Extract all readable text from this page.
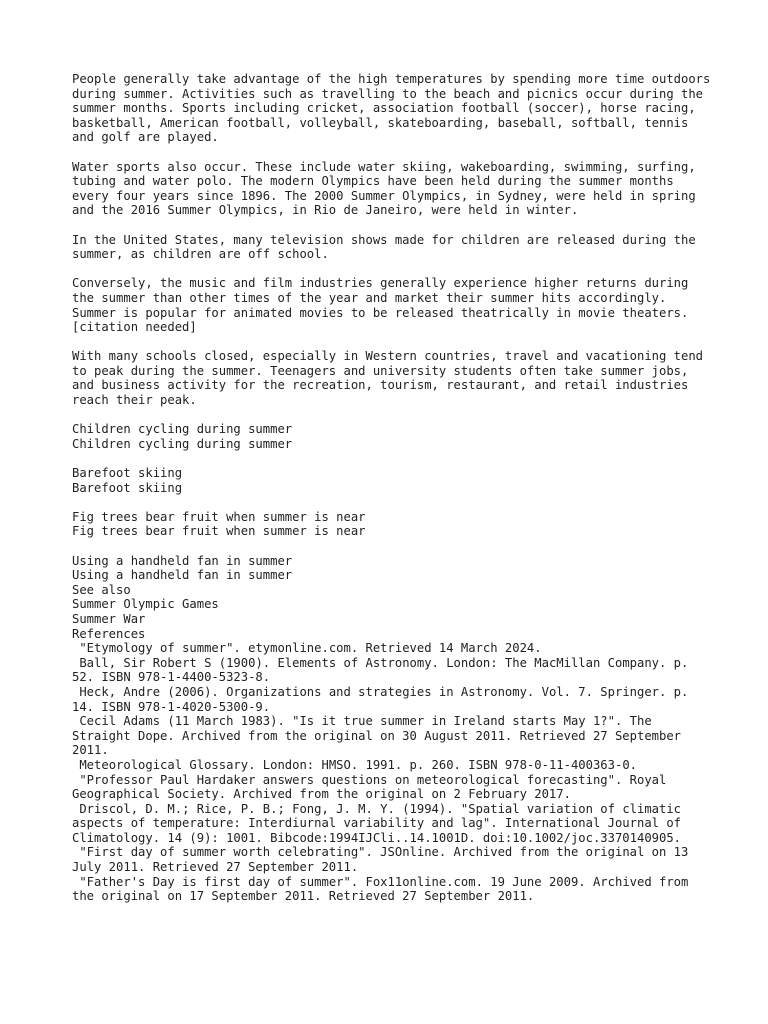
People generally take advantage of the high temperatures by spending more time outdoors during summer. Activities such as travelling to the beach and picnics occur during the summer months. Sports including cricket, association football (soccer), horse racing, basketball, American football, volleyball, skateboarding, baseball, softball, tennis and golf are played.

Water sports also occur. These include water skiing, wakeboarding, swimming, surfing, tubing and water polo. The modern Olympics have been held during the summer months every four years since 1896. The 2000 Summer Olympics, in Sydney, were held in spring and the 2016 Summer Olympics, in Rio de Janeiro, were held in winter.

In the United States, many television shows made for children are released during the summer, as children are off school.

Conversely, the music and film industries generally experience higher returns during the summer than other times of the year and market their summer hits accordingly. Summer is popular for animated movies to be released theatrically in movie theaters.[citation needed]

With many schools closed, especially in Western countries, travel and vacationing tend to peak during the summer. Teenagers and university students often take summer jobs, and business activity for the recreation, tourism, restaurant, and retail industries reach their peak.

Children cycling during summer
Children cycling during summer
Barefoot skiing
Barefoot skiing
Fig trees bear fruit when summer is near
Fig trees bear fruit when summer is near
Using a handheld fan in summer
Using a handheld fan in summer
See also
Summer Olympic Games
Summer War
References
"Etymology of summer". etymonline.com. Retrieved 14 March 2024.
Ball, Sir Robert S (1900). Elements of Astronomy. London: The MacMillan Company. p. 52. ISBN 978-1-4400-5323-8.
Heck, Andre (2006). Organizations and strategies in Astronomy. Vol. 7. Springer. p. 14. ISBN 978-1-4020-5300-9.
Cecil Adams (11 March 1983). "Is it true summer in Ireland starts May 1?". The Straight Dope. Archived from the original on 30 August 2011. Retrieved 27 September 2011.
Meteorological Glossary. London: HMSO. 1991. p. 260. ISBN 978-0-11-400363-0.
"Professor Paul Hardaker answers questions on meteorological forecasting". Royal Geographical Society. Archived from the original on 2 February 2017.
Driscol, D. M.; Rice, P. B.; Fong, J. M. Y. (1994). "Spatial variation of climatic aspects of temperature: Interdiurnal variability and lag". International Journal of Climatology. 14 (9): 1001. Bibcode:1994IJCli..14.1001D. doi:10.1002/joc.3370140905.
"First day of summer worth celebrating". JSOnline. Archived from the original on 13 July 2011. Retrieved 27 September 2011.
"Father's Day is first day of summer". Fox11online.com. 19 June 2009. Archived from the original on 17 September 2011. Retrieved 27 September 2011.
